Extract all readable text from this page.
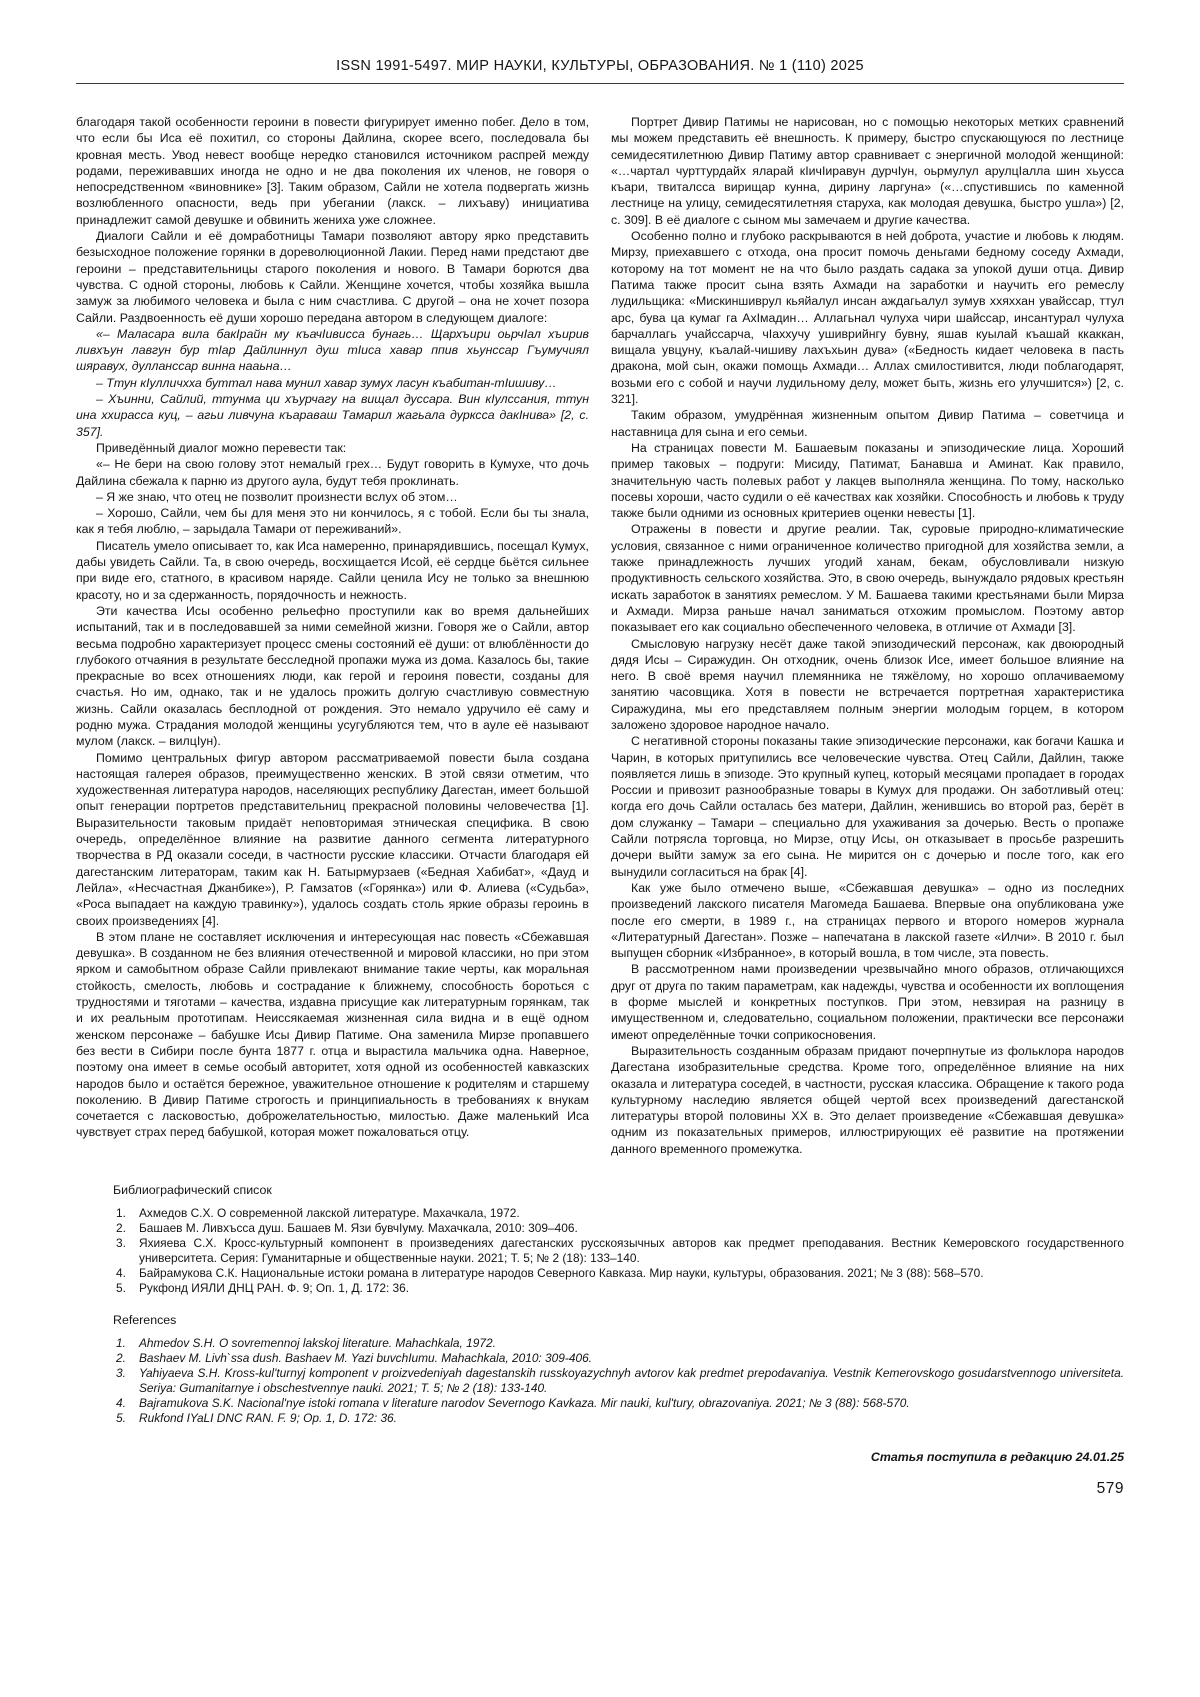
ISSN 1991-5497. МИР НАУКИ, КУЛЬТУРЫ, ОБРАЗОВАНИЯ. № 1 (110) 2025

благодаря такой особенности героини в повести фигурирует именно побег. Дело в том, что если бы Иса её похитил, со стороны Дайлина, скорее всего, последовала бы кровная месть. Увод невест вообще нередко становился источником распрей между родами, переживавших иногда не одно и не два поколения их членов, не говоря о непосредственном «виновнике» [3]. Таким образом, Сайли не хотела подвергать жизнь возлюбленного опасности, ведь при убегании (лакск. – лихъаву) инициатива принадлежит самой девушке и обвинить жениха уже сложнее.

Диалоги Сайли и её домработницы Тамари позволяют автору ярко представить безысходное положение горянки в дореволюционной Лакии. Перед нами предстают две героини – представительницы старого поколения и нового. В Тамари борются два чувства. С одной стороны, любовь к Сайли. Женщине хочется, чтобы хозяйка вышла замуж за любимого человека и была с ним счастлива. С другой – она не хочет позора Сайли. Раздвоенность её души хорошо передана автором в следующем диалоге:

«– Маласара вила бакІрайн му къачІивисса бунагь… Щархъири оьрчІал хъирив ливхъун лавгун бур тІар Дайлиннул душ тІиса хавар ппив хьунссар Гъумучиял шяравух, дулланссар винна нааьна…

– Ттун кІулличхха буттал нава мунил хавар зумух ласун къабитан-тІишиву…

– Хъинни, Сайлий, ттунма ци хъурчагу на вищал дуссара. Вин кІулссания, ттун ина ххирасса куц, – агьи ливчуна къаравaш Тамарил жагьала дурксса дакІнива» [2, с. 357].

Приведённый диалог можно перевести так:

«– Не бери на свою голову этот немалый грех… Будут говорить в Кумухе, что дочь Дайлина сбежала к парню из другого аула, будут тебя проклинать.

– Я же знаю, что отец не позволит произнести вслух об этом…

– Хорошо, Сайли, чем бы для меня это ни кончилось, я с тобой. Если бы ты знала, как я тебя люблю, – зарыдала Тамари от переживаний».

Писатель умело описывает то, как Иса намеренно, принарядившись, посещал Кумух, дабы увидеть Сайли. Та, в свою очередь, восхищается Исой, её сердце бьётся сильнее при виде его, статного, в красивом наряде. Сайли ценила Ису не только за внешнюю красоту, но и за сдержанность, порядочность и нежность.

Эти качества Исы особенно рельефно проступили как во время дальнейших испытаний, так и в последовавшей за ними семейной жизни. Говоря же о Сайли, автор весьма подробно характеризует процесс смены состояний её души: от влюблённости до глубокого отчаяния в результате бесследной пропажи мужа из дома. Казалось бы, такие прекрасные во всех отношениях люди, как герой и героиня повести, созданы для счастья. Но им, однако, так и не удалось прожить долгую счастливую совместную жизнь. Сайли оказалась бесплодной от рождения. Это немало удручило её саму и родню мужа. Страдания молодой женщины усугубляются тем, что в ауле её называют мулом (лакск. – вилцІун).

Помимо центральных фигур автором рассматриваемой повести была создана настоящая галерея образов, преимущественно женских. В этой связи отметим, что художественная литература народов, населяющих республику Дагестан, имеет большой опыт генерации портретов представительниц прекрасной половины человечества [1]. Выразительности таковым придаёт неповторимая этническая специфика. В свою очередь, определённое влияние на развитие данного сегмента литературного творчества в РД оказали соседи, в частности русские классики. Отчасти благодаря ей дагестанским литераторам, таким как Н. Батырмурзаев («Бедная Хабибат», «Дауд и Лейла», «Несчастная Джанбике»), Р. Гамзатов («Горянка») или Ф. Алиева («Судьба», «Роса выпадает на каждую травинку»), удалось создать столь яркие образы героинь в своих произведениях [4].

В этом плане не составляет исключения и интересующая нас повесть «Сбежавшая девушка». В созданном не без влияния отечественной и мировой классики, но при этом ярком и самобытном образе Сайли привлекают внимание такие черты, как моральная стойкость, смелость, любовь и сострадание к ближнему, способность бороться с трудностями и тяготами – качества, издавна присущие как литературным горянкам, так и их реальным прототипам. Неиссякаемая жизненная сила видна и в ещё одном женском персонаже – бабушке Исы Дивир Патиме. Она заменила Мирзе пропавшего без вести в Сибири после бунта 1877 г. отца и вырастила мальчика одна. Наверное, поэтому она имеет в семье особый авторитет, хотя одной из особенностей кавказских народов было и остаётся бережное, уважительное отношение к родителям и старшему поколению. В Дивир Патиме строгость и принципиальность в требованиях к внукам сочетается с ласковостью, доброжелательностью, милостью. Даже маленький Иса чувствует страх перед бабушкой, которая может пожаловаться отцу.

Портрет Дивир Патимы не нарисован, но с помощью некоторых метких сравнений мы можем представить её внешность. К примеру, быстро спускающуюся по лестнице семидесятилетнюю Дивир Патиму автор сравнивает с энергичной молодой женщиной: «…чартал чурттурдайх яларай кІичІиравун дурчІун, оьрмулул арулцІалла шин хьусса къари, твиталсса вирищар кунна, дирину ларгуна» («…спустившись по каменной лестнице на улицу, семидесятилетняя старуха, как молодая девушка, быстро ушла») [2, с. 309]. В её диалоге с сыном мы замечаем и другие качества.

Особенно полно и глубоко раскрываются в ней доброта, участие и любовь к людям. Мирзу, приехавшего с отхода, она просит помочь деньгами бедному соседу Ахмади, которому на тот момент не на что было раздать садака за упокой души отца. Дивир Патима также просит сына взять Ахмади на заработки и научить его ремеслу лудильщика: «Мискиншиврул кьяйалул инсан аждагьалул зумув ххяххан увайссар, ттул арс, бува ца кумаг га АхІмадин… Аллагьнал чулуха чири шайссар, инсантурал чулуха барчаллагь учайссарча, чІаххучу ушиврийнгу бувну, яшав куылай къашай ккаккан, вищала увцуну, къалай-чишиву лахъхьин дува» («Бедность кидает человека в пасть дракона, мой сын, окажи помощь Ахмади… Аллах смилостивится, люди поблагодарят, возьми его с собой и научи лудильному делу, может быть, жизнь его улучшится») [2, с. 321].

Таким образом, умудрённая жизненным опытом Дивир Патима – советчица и наставница для сына и его семьи.

На страницах повести М. Башаевым показаны и эпизодические лица. Хороший пример таковых – подруги: Мисиду, Патимат, Банавша и Аминат. Как правило, значительную часть полевых работ у лакцев выполняла женщина. По тому, насколько посевы хороши, часто судили о её качествах как хозяйки. Способность и любовь к труду также были одними из основных критериев оценки невесты [1].

Отражены в повести и другие реалии. Так, суровые природно-климатические условия, связанное с ними ограниченное количество пригодной для хозяйства земли, а также принадлежность лучших угодий ханам, бекам, обусловливали низкую продуктивность сельского хозяйства. Это, в свою очередь, вынуждало рядовых крестьян искать заработок в занятиях ремеслом. У М. Башаева такими крестьянами были Мирза и Ахмади. Мирза раньше начал заниматься отхожим промыслом. Поэтому автор показывает его как социально обеспеченного человека, в отличие от Ахмади [3].

Смысловую нагрузку несёт даже такой эпизодический персонаж, как двоюродный дядя Исы – Сиражудин. Он отходник, очень близок Исе, имеет большое влияние на него. В своё время научил племянника не тяжёлому, но хорошо оплачиваемому занятию часовщика. Хотя в повести не встречается портретная характеристика Сиражудина, мы его представляем полным энергии молодым горцем, в котором заложено здоровое народное начало.

С негативной стороны показаны такие эпизодические персонажи, как богачи Кашка и Чарин, в которых притупились все человеческие чувства. Отец Сайли, Дайлин, также появляется лишь в эпизоде. Это крупный купец, который месяцами пропадает в городах России и привозит разнообразные товары в Кумух для продажи. Он заботливый отец: когда его дочь Сайли осталась без матери, Дайлин, женившись во второй раз, берёт в дом служанку – Тамари – специально для ухаживания за дочерью. Весть о пропаже Сайли потрясла торговца, но Мирзе, отцу Исы, он отказывает в просьбе разрешить дочери выйти замуж за его сына. Не мирится он с дочерью и после того, как его вынудили согласиться на брак [4].

Как уже было отмечено выше, «Сбежавшая девушка» – одно из последних произведений лакского писателя Магомеда Башаева. Впервые она опубликована уже после его смерти, в 1989 г., на страницах первого и второго номеров журнала «Литературный Дагестан». Позже – напечатана в лакской газете «Илчи». В 2010 г. был выпущен сборник «Избранное», в который вошла, в том числе, эта повесть.

В рассмотренном нами произведении чрезвычайно много образов, отличающихся друг от друга по таким параметрам, как надежды, чувства и особенности их воплощения в форме мыслей и конкретных поступков. При этом, невзирая на разницу в имущественном и, следовательно, социальном положении, практически все персонажи имеют определённые точки соприкосновения.

Выразительность созданным образам придают почерпнутые из фольклора народов Дагестана изобразительные средства. Кроме того, определённое влияние на них оказала и литература соседей, в частности, русская классика. Обращение к такого рода культурному наследию является общей чертой всех произведений дагестанской литературы второй половины XX в. Это делает произведение «Сбежавшая девушка» одним из показательных примеров, иллюстрирующих её развитие на протяжении данного временного промежутка.

Библиографический список

Ахмедов С.Х. О современной лакской литературе. Махачкала, 1972.

Башаев М. Ливхъсса душ. Башаев М. Язи бувчІуму. Махачкала, 2010: 309–406.

Яхияева С.Х. Кросс-культурный компонент в произведениях дагестанских русскоязычных авторов как предмет преподавания. Вестник Кемеровского государственного университета. Серия: Гуманитарные и общественные науки. 2021; Т. 5; № 2 (18): 133–140.

Байрамукова С.К. Национальные истоки романа в литературе народов Северного Кавказа. Мир науки, культуры, образования. 2021; № 3 (88): 568–570.

Рукфонд ИЯЛИ ДНЦ РАН. Ф. 9; Оп. 1, Д. 172: 36.

References

Ahmedov S.H. O sovremennoj lakskoj literature. Mahachkala, 1972.

Bashaev M. Livh`ssa dush. Bashaev M. Yazi buvchІumu. Mahachkala, 2010: 309-406.

Yahiyaeva S.H. Kross-kul'turnyj komponent v proizvedeniyah dagestanskih russkoyazychnyh avtorov kak predmet prepodavaniya. Vestnik Kemerovskogo gosudarstvennogo universiteta. Seriya: Gumanitarnye i obschestvennye nauki. 2021; T. 5; № 2 (18): 133-140.

Bajramukova S.K. Nacional'nye istoki romana v literature narodov Severnogo Kavkaza. Mir nauki, kul'tury, obrazovaniya. 2021; № 3 (88): 568-570.

Rukfond IYaLI DNC RAN. F. 9; Op. 1, D. 172: 36.

Статья поступила в редакцию 24.01.25
579
